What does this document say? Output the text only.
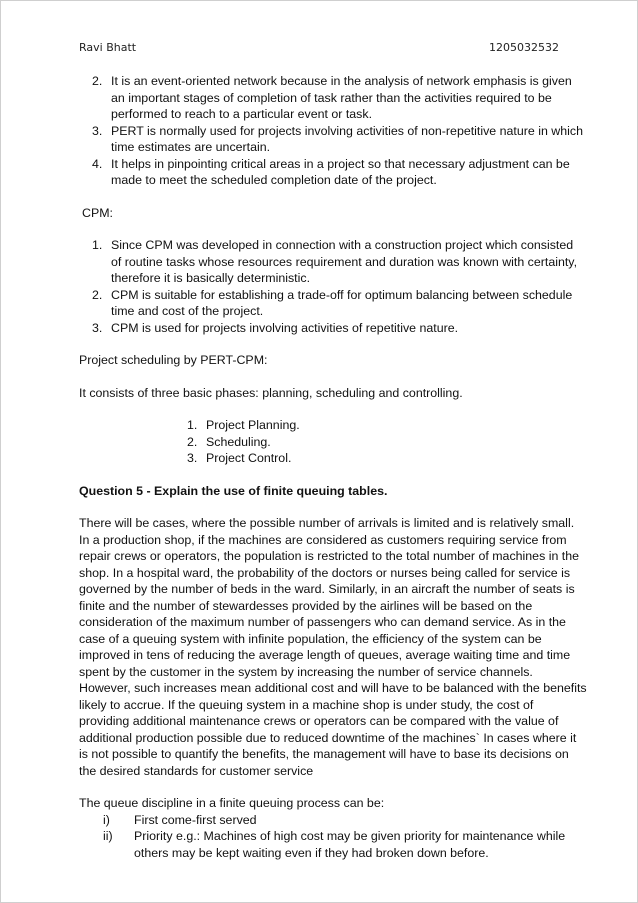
Ravi Bhatt	1205032532
2. It is an event-oriented network because in the analysis of network emphasis is given
an important stages of completion of task rather than the activities required to be
performed to reach to a particular event or task.
3. PERT is normally used for projects involving activities of non-repetitive nature in which
time estimates are uncertain.
4. It helps in pinpointing critical areas in a project so that necessary adjustment can be
made to meet the scheduled completion date of the project.
CPM:
1. Since CPM was developed in connection with a construction project which consisted
of routine tasks whose resources requirement and duration was known with certainty,
therefore it is basically deterministic.
2. CPM is suitable for establishing a trade-off for optimum balancing between schedule
time and cost of the project.
3. CPM is used for projects involving activities of repetitive nature.
Project scheduling by PERT-CPM:
It consists of three basic phases: planning, scheduling and controlling.
1. Project Planning.
2. Scheduling.
3. Project Control.
Question 5 - Explain the use of finite queuing tables.
There will be cases, where the possible number of arrivals is limited and is relatively small.
In a production shop, if the machines are considered as customers requiring service from
repair crews or operators, the population is restricted to the total number of machines in the
shop. In a hospital ward, the probability of the doctors or nurses being called for service is
governed by the number of beds in the ward. Similarly, in an aircraft the number of seats is
finite and the number of stewardesses provided by the airlines will be based on the
consideration of the maximum number of passengers who can demand service. As in the
case of a queuing system with infinite population, the efficiency of the system can be
improved in tens of reducing the average length of queues, average waiting time and time
spent by the customer in the system by increasing the number of service channels.
However, such increases mean additional cost and will have to be balanced with the benefits
likely to accrue. If the queuing system in a machine shop is under study, the cost of
providing additional maintenance crews or operators can be compared with the value of
additional production possible due to reduced downtime of the machines` In cases where it
is not possible to quantify the benefits, the management will have to base its decisions on
the desired standards for customer service
The queue discipline in a finite queuing process can be:
i) First come-first served
ii) Priority e.g.: Machines of high cost may be given priority for maintenance while
others may be kept waiting even if they had broken down before.
